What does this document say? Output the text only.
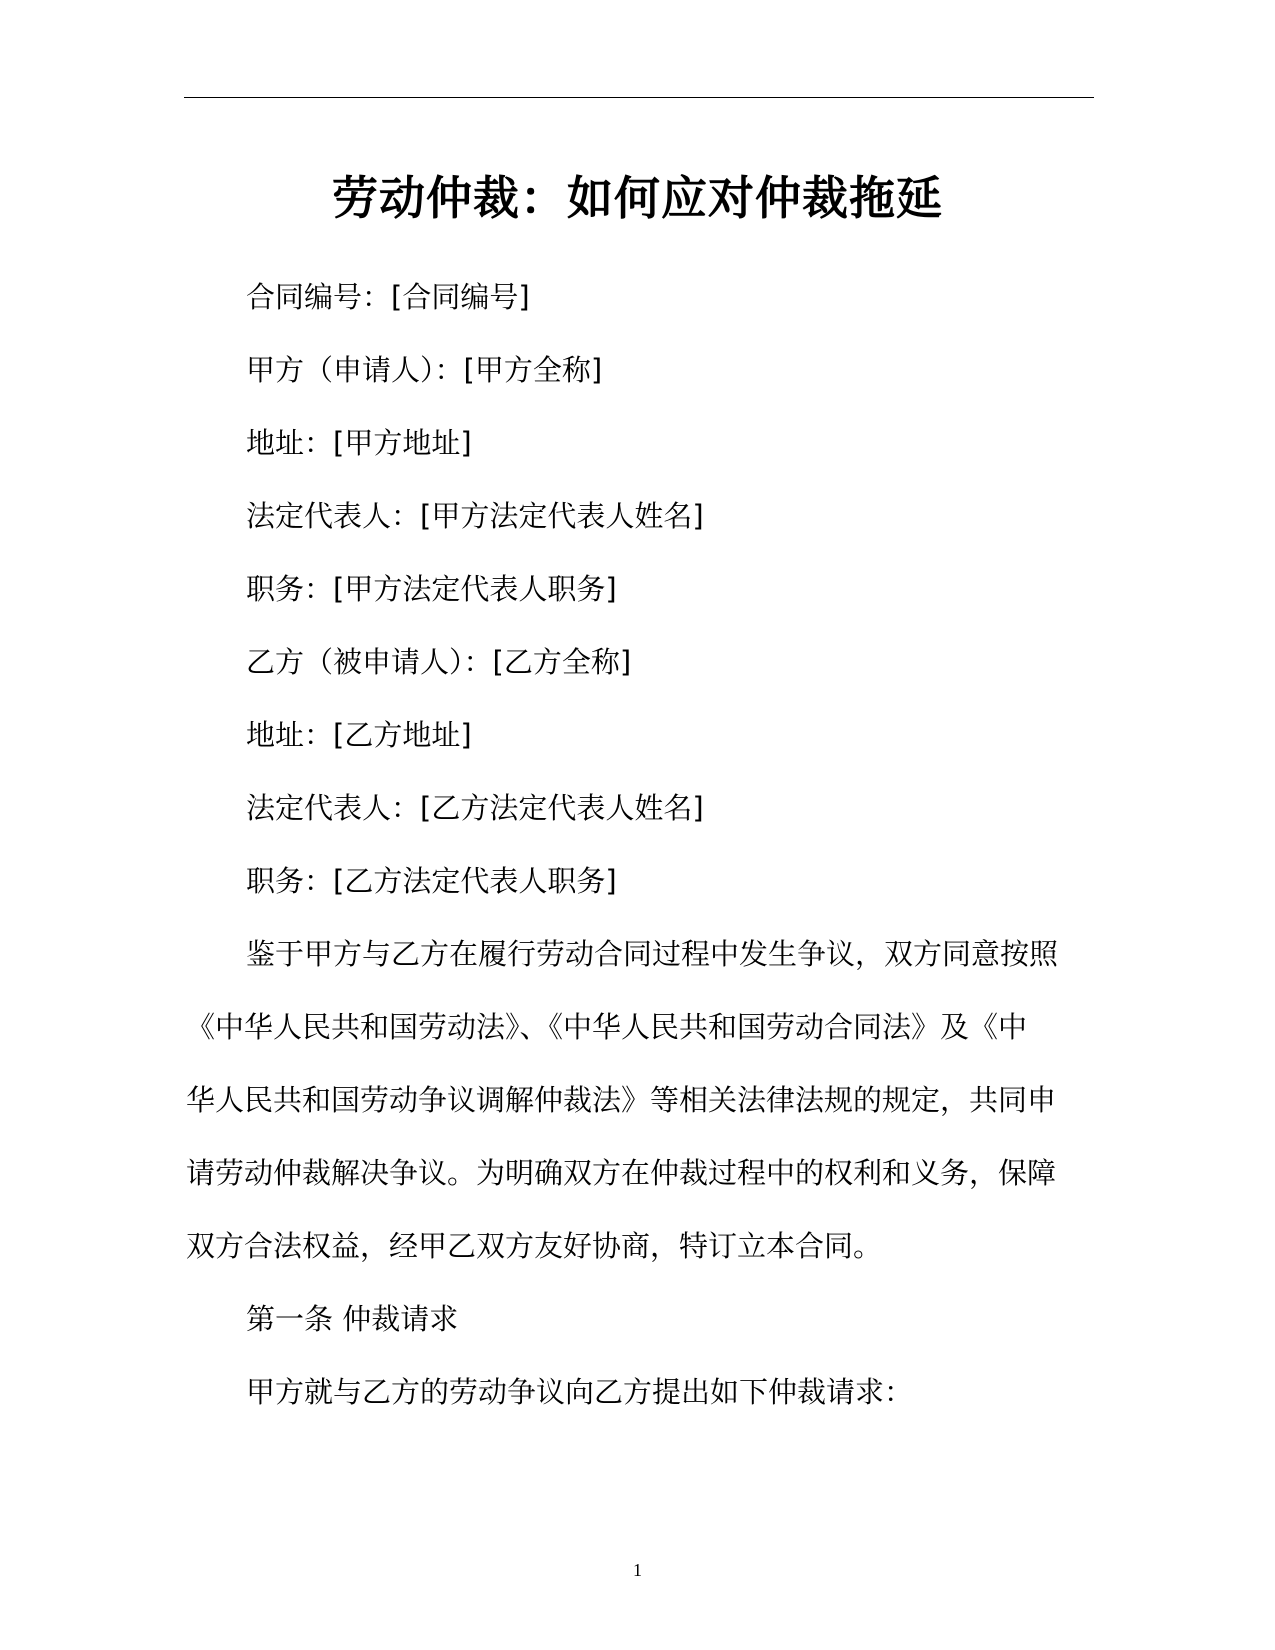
劳动仲裁：如何应对仲裁拖延
合同编号：[合同编号]
甲方（申请人）：[甲方全称]
地址：[甲方地址]
法定代表人：[甲方法定代表人姓名]
职务：[甲方法定代表人职务]
乙方（被申请人）：[乙方全称]
地址：[乙方地址]
法定代表人：[乙方法定代表人姓名]
职务：[乙方法定代表人职务]
鉴于甲方与乙方在履行劳动合同过程中发生争议，双方同意按照
《中华人民共和国劳动法》、《中华人民共和国劳动合同法》及《中
华人民共和国劳动争议调解仲裁法》等相关法律法规的规定，共同申
请劳动仲裁解决争议。为明确双方在仲裁过程中的权利和义务，保障
双方合法权益，经甲乙双方友好协商，特订立本合同。
第一条 仲裁请求
甲方就与乙方的劳动争议向乙方提出如下仲裁请求：
1
